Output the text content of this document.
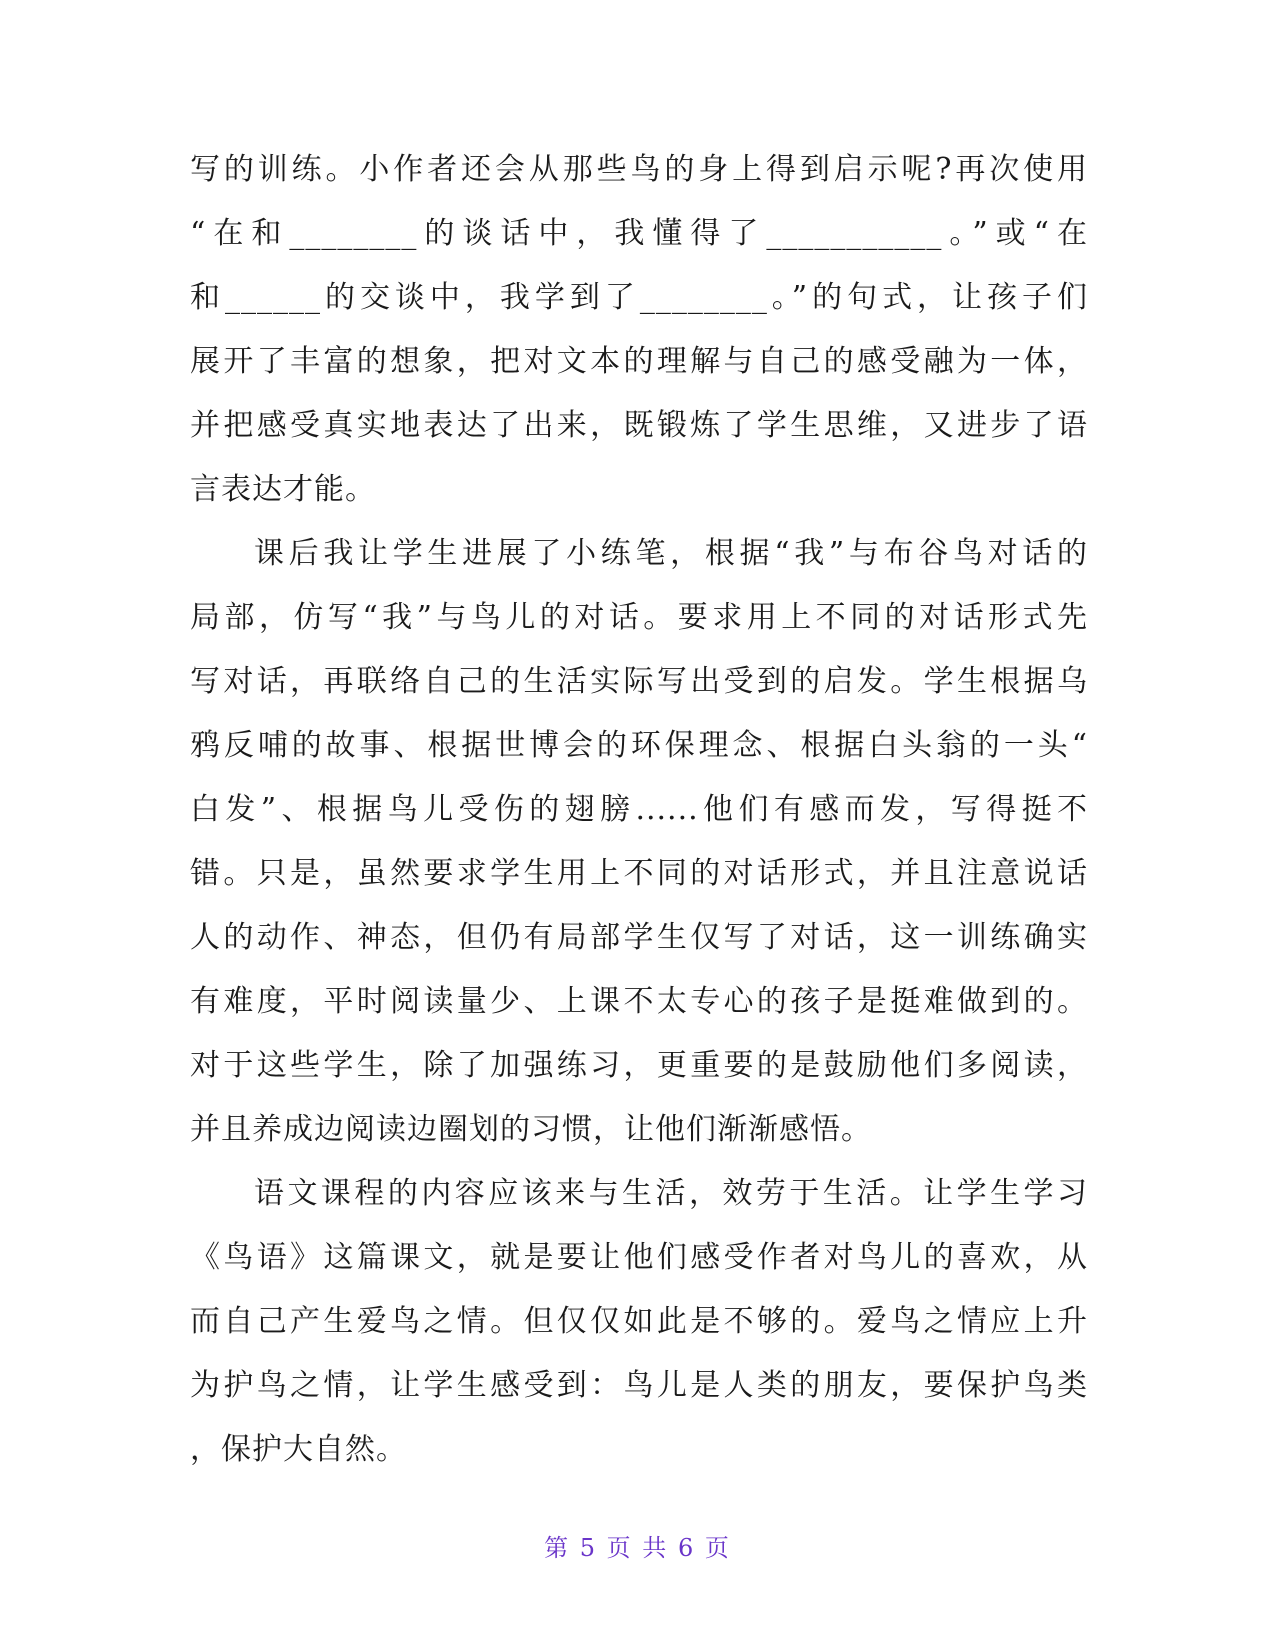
写的训练。小作者还会从那些鸟的身上得到启示呢?再次使用
“在和________的谈话中，我懂得了___________。”或“在
和______的交谈中，我学到了________。”的句式，让孩子们
展开了丰富的想象，把对文本的理解与自己的感受融为一体，
并把感受真实地表达了出来，既锻炼了学生思维，又进步了语
言表达才能。
课后我让学生进展了小练笔，根据“我”与布谷鸟对话的
局部，仿写“我”与鸟儿的对话。要求用上不同的对话形式先
写对话，再联络自己的生活实际写出受到的启发。学生根据乌
鸦反哺的故事、根据世博会的环保理念、根据白头翁的一头“
白发”、根据鸟儿受伤的翅膀......他们有感而发，写得挺不
错。只是，虽然要求学生用上不同的对话形式，并且注意说话
人的动作、神态，但仍有局部学生仅写了对话，这一训练确实
有难度，平时阅读量少、上课不太专心的孩子是挺难做到的。
对于这些学生，除了加强练习，更重要的是鼓励他们多阅读，
并且养成边阅读边圈划的习惯，让他们渐渐感悟。
语文课程的内容应该来与生活，效劳于生活。让学生学习
《鸟语》这篇课文，就是要让他们感受作者对鸟儿的喜欢，从
而自己产生爱鸟之情。但仅仅如此是不够的。爱鸟之情应上升
为护鸟之情，让学生感受到：鸟儿是人类的朋友，要保护鸟类
，保护大自然。
第 5 页 共 6 页
